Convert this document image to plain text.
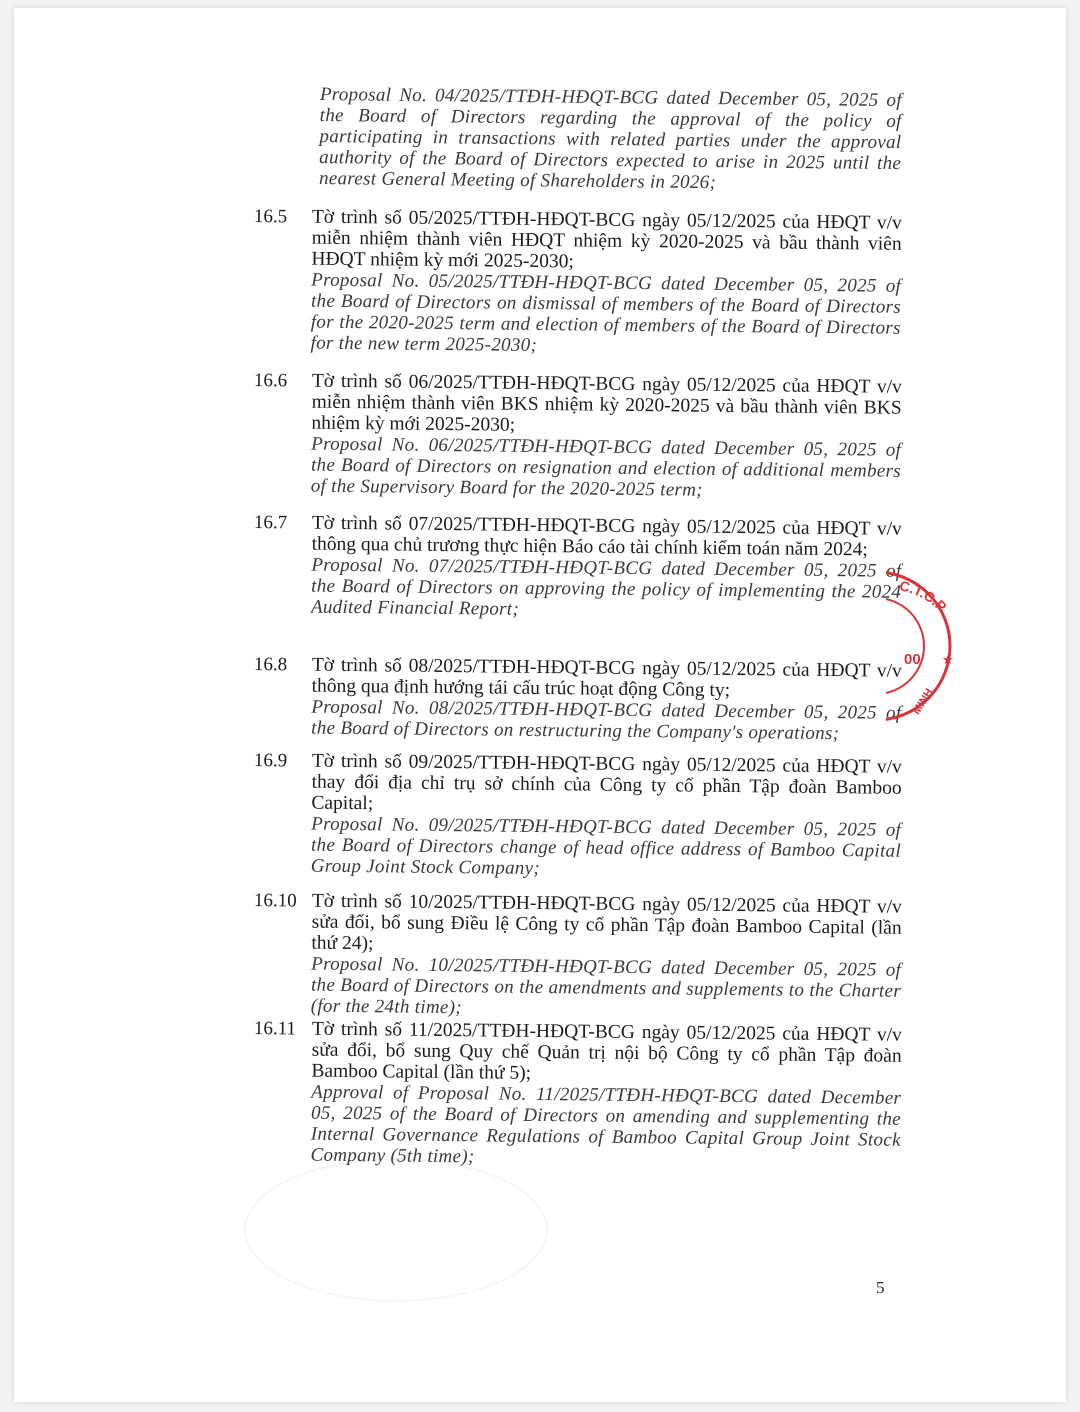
Proposal No. 04/2025/TTĐH-HĐQT-BCG dated December 05, 2025 of the Board of Directors regarding the approval of the policy of participating in transactions with related parties under the approval authority of the Board of Directors expected to arise in 2025 until the nearest General Meeting of Shareholders in 2026;

16.5	Tờ trình số 05/2025/TTĐH-HĐQT-BCG ngày 05/12/2025 của HĐQT v/v miễn nhiệm thành viên HĐQT nhiệm kỳ 2020-2025 và bầu thành viên HĐQT nhiệm kỳ mới 2025-2030;

Proposal No. 05/2025/TTĐH-HĐQT-BCG dated December 05, 2025 of the Board of Directors on dismissal of members of the Board of Directors for the 2020-2025 term and election of members of the Board of Directors for the new term 2025-2030;

16.6	Tờ trình số 06/2025/TTĐH-HĐQT-BCG ngày 05/12/2025 của HĐQT v/v miễn nhiệm thành viên BKS nhiệm kỳ 2020-2025 và bầu thành viên BKS nhiệm kỳ mới 2025-2030;

Proposal No. 06/2025/TTĐH-HĐQT-BCG dated December 05, 2025 of the Board of Directors on resignation and election of additional members of the Supervisory Board for the 2020-2025 term;

16.7	Tờ trình số 07/2025/TTĐH-HĐQT-BCG ngày 05/12/2025 của HĐQT v/v thông qua chủ trương thực hiện Báo cáo tài chính kiểm toán năm 2024;

Proposal No. 07/2025/TTĐH-HĐQT-BCG dated December 05, 2025 of the Board of Directors on approving the policy of implementing the 2024 Audited Financial Report;

16.8	Tờ trình số 08/2025/TTĐH-HĐQT-BCG ngày 05/12/2025 của HĐQT v/v thông qua định hướng tái cấu trúc hoạt động Công ty;

Proposal No. 08/2025/TTĐH-HĐQT-BCG dated December 05, 2025 of the Board of Directors on restructuring the Company's operations;

16.9	Tờ trình số 09/2025/TTĐH-HĐQT-BCG ngày 05/12/2025 của HĐQT v/v thay đổi địa chỉ trụ sở chính của Công ty cổ phần Tập đoàn Bamboo Capital;

Proposal No. 09/2025/TTĐH-HĐQT-BCG dated December 05, 2025 of the Board of Directors change of head office address of Bamboo Capital Group Joint Stock Company;

16.10 Tờ trình số 10/2025/TTĐH-HĐQT-BCG ngày 05/12/2025 của HĐQT v/v sửa đổi, bổ sung Điều lệ Công ty cổ phần Tập đoàn Bamboo Capital (lần thứ 24);

Proposal No. 10/2025/TTĐH-HĐQT-BCG dated December 05, 2025 of the Board of Directors on the amendments and supplements to the Charter (for the 24th time);

16.11 Tờ trình số 11/2025/TTĐH-HĐQT-BCG ngày 05/12/2025 của HĐQT v/v sửa đổi, bổ sung Quy chế Quản trị nội bộ Công ty cổ phần Tập đoàn Bamboo Capital (lần thứ 5);

Approval of Proposal No. 11/2025/TTĐH-HĐQT-BCG dated December 05, 2025 of the Board of Directors on amending and supplementing the Internal Governance Regulations of Bamboo Capital Group Joint Stock Company (5th time);

5
C.T.C.P
00 ★
MINH
